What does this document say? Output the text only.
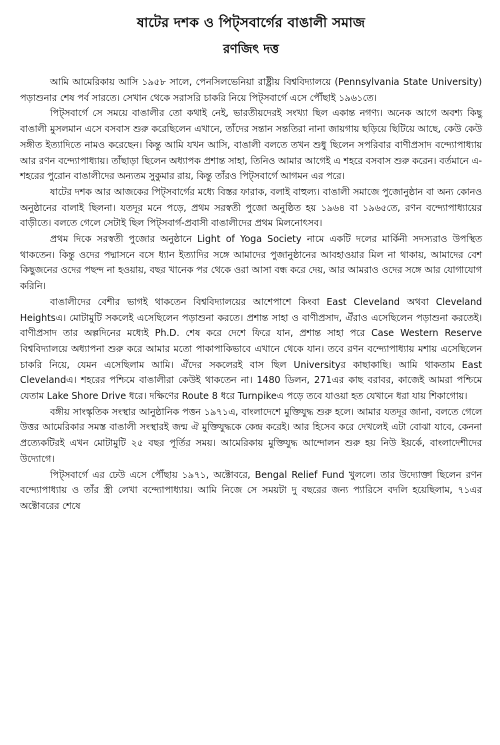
ষাটের দশক ও পিট্সবার্গের বাঙালী সমাজ
রণজিৎ দত্ত

আমি আমেরিকায় আসি ১৯৫৮ সালে, পেনসিলভেনিয়া রাষ্ট্রীয় বিশ্ববিদ্যালয়ে (Pennsylvania State University) পড়াশুনার শেষ পর্ব সারতে। সেখান থেকে সরাসরি চাকরি নিয়ে পিট্সবার্গে এসে পৌঁছাই ১৯৬১তে।

পিট্সবার্গে সে সময়ে বাঙালীর তো কথাই নেই, ভারতীয়দেরই সংখ্যা ছিল একান্ত নগণ্য। অনেক আগে অবশ্য কিছু বাঙালী মুসলমান এসে বসবাস শুরু করেছিলেন এখানে, তাঁদের সন্তান সন্ততিরা নানা জায়গায় ছড়িয়ে ছিটিয়ে আছে, কেউ কেউ সঙ্গীত ইত্যাদিতে নামও করেছেন। কিন্তু আমি যখন আসি, বাঙালী বলতে তখন শুধু ছিলেন সপরিবার বাণীপ্রসাদ বন্দ্যোপাধ্যায় আর রণন বন্দ্যোপাধ্যায়। তাঁছাড়া ছিলেন অধ্যাপক প্রশান্ত সাহা, তিনিও আমার আগেই এ শহরে বসবাস শুরু করেন। বর্তমানে এ-শহরের পুরোন বাঙালীদের অন্যতম সুকুমার রায়, কিন্তু তাঁরও পিট্সবার্গে আগমন এর পরে।

ষাটের দশক আর আজকের পিট্সবার্গের মধ্যে বিস্তর ফারাক, বলাই বাহুল্য। বাঙালী সমাজে পুজোনুষ্ঠান বা অন্য কোনও অনুষ্ঠানের বালাই ছিলনা। যতদূর মনে পড়ে, প্রথম সরস্বতী পুজো অনুষ্ঠিত হয় ১৯৬৪ বা ১৯৬৫তে, রণন বন্দ্যোপাধ্যায়ের বাড়ীতে। বলতে গেলে সেটাই ছিল পিট্সবার্গ-প্রবাসী বাঙালীদের প্রথম মিলনোৎসব।

প্রথম দিকে সরস্বতী পুজোর অনুষ্ঠানে Light of Yoga Society নামে একটি দলের মার্কিনী সদস্যরাও উপস্থিত থাকতেন। কিন্তু ওদের পদ্মাসনে বসে ধ্যান ইত্যাদির সঙ্গে আমাদের পুজানুষ্ঠানের আবহাওয়ার মিল না থাকায়, আমাদের বেশ কিছুজনের ওদের পছন্দ না হওয়ায়, বছর খানেক পর থেকে ওরা আসা বন্ধ করে দেয়, আর আমরাও ওদের সঙ্গে আর যোগাযোগ করিনি।

বাঙালীদের বেশীর ভাগই থাকতেন বিশ্ববিদ্যালয়ের আশেপাশে কিংবা East Cleveland অথবা Cleveland Heightsএ। মোটামুটি সকলেই এসেছিলেন পড়াশুনা করতে। প্রশান্ত সাহা ও বাণীপ্রসাদ, ঐঁরাও এসেছিলেন পড়াশুনা করতেই। বাণীপ্রসাদ তার অল্পদিনের মধ্যেই Ph.D. শেষ করে দেশে ফিরে যান, প্রশান্ত সাহা পরে Case Western Reserve বিশ্ববিদ্যালয়ে অধ্যাপনা শুরু করে আমার মতো পাকাপাকিভাবে এখানে থেকে যান। তবে রণন বন্দ্যোপাধ্যায় মশায় এসেছিলেন চাকরি নিয়ে, যেমন এসেছিলাম আমি। ঐঁদের সকলেরই বাস ছিল Universityর কাছাকাছি। আমি থাকতাম East Clevelandএ। শহরের পশ্চিমে বাঙালীরা কেউই থাকতেন না। 1480 ডিলন, 271এর কাছ বরাবর, কাজেই আমরা পশ্চিমে যেতাম Lake Shore Drive ধরে। দক্ষিণের Route 8 ধরে Turnpikeএ পড়ে তবে যাওয়া হত যেখানে ধরা যায় শিকাগোয়।

বঙ্গীয় সাংস্কৃতিক সংস্থার আনুষ্ঠানিক পত্তন ১৯৭১এ, বাংলাদেশে মুক্তিযুদ্ধ শুরু হলে। আমার যতদূর জানা, বলতে গেলে উত্তর আমেরিকার সমস্ত বাঙালী সংস্থারই জন্ম ঐ মুক্তিযুদ্ধকে কেন্দ্র করেই। আর হিসেব করে দেখলেই এটা বোঝা যাবে, কেননা প্রত্যেকটিরই এখন মোটামুটি ২৫ বছর পূর্তির সময়। আমেরিকায় মুক্তিযুদ্ধ আন্দোলন শুরু হয় নিউ ইয়র্কে, বাংলাদেশীদের উদ্যোগে।

পিট্সবার্গে এর ঢেউ এসে পৌঁছায় ১৯৭১, অক্টোবরে, Bengal Relief Fund খুললে। তার উদ্যোক্তা ছিলেন রণন বন্দ্যোপাধ্যায় ও তাঁর স্ত্রী লেখা বন্দ্যোপাধ্যায়। আমি নিজে সে সময়টা দু বছরের জন্য প্যারিসে বদলি হয়েছিলাম, ৭১এর অক্টোবরের শেষে
